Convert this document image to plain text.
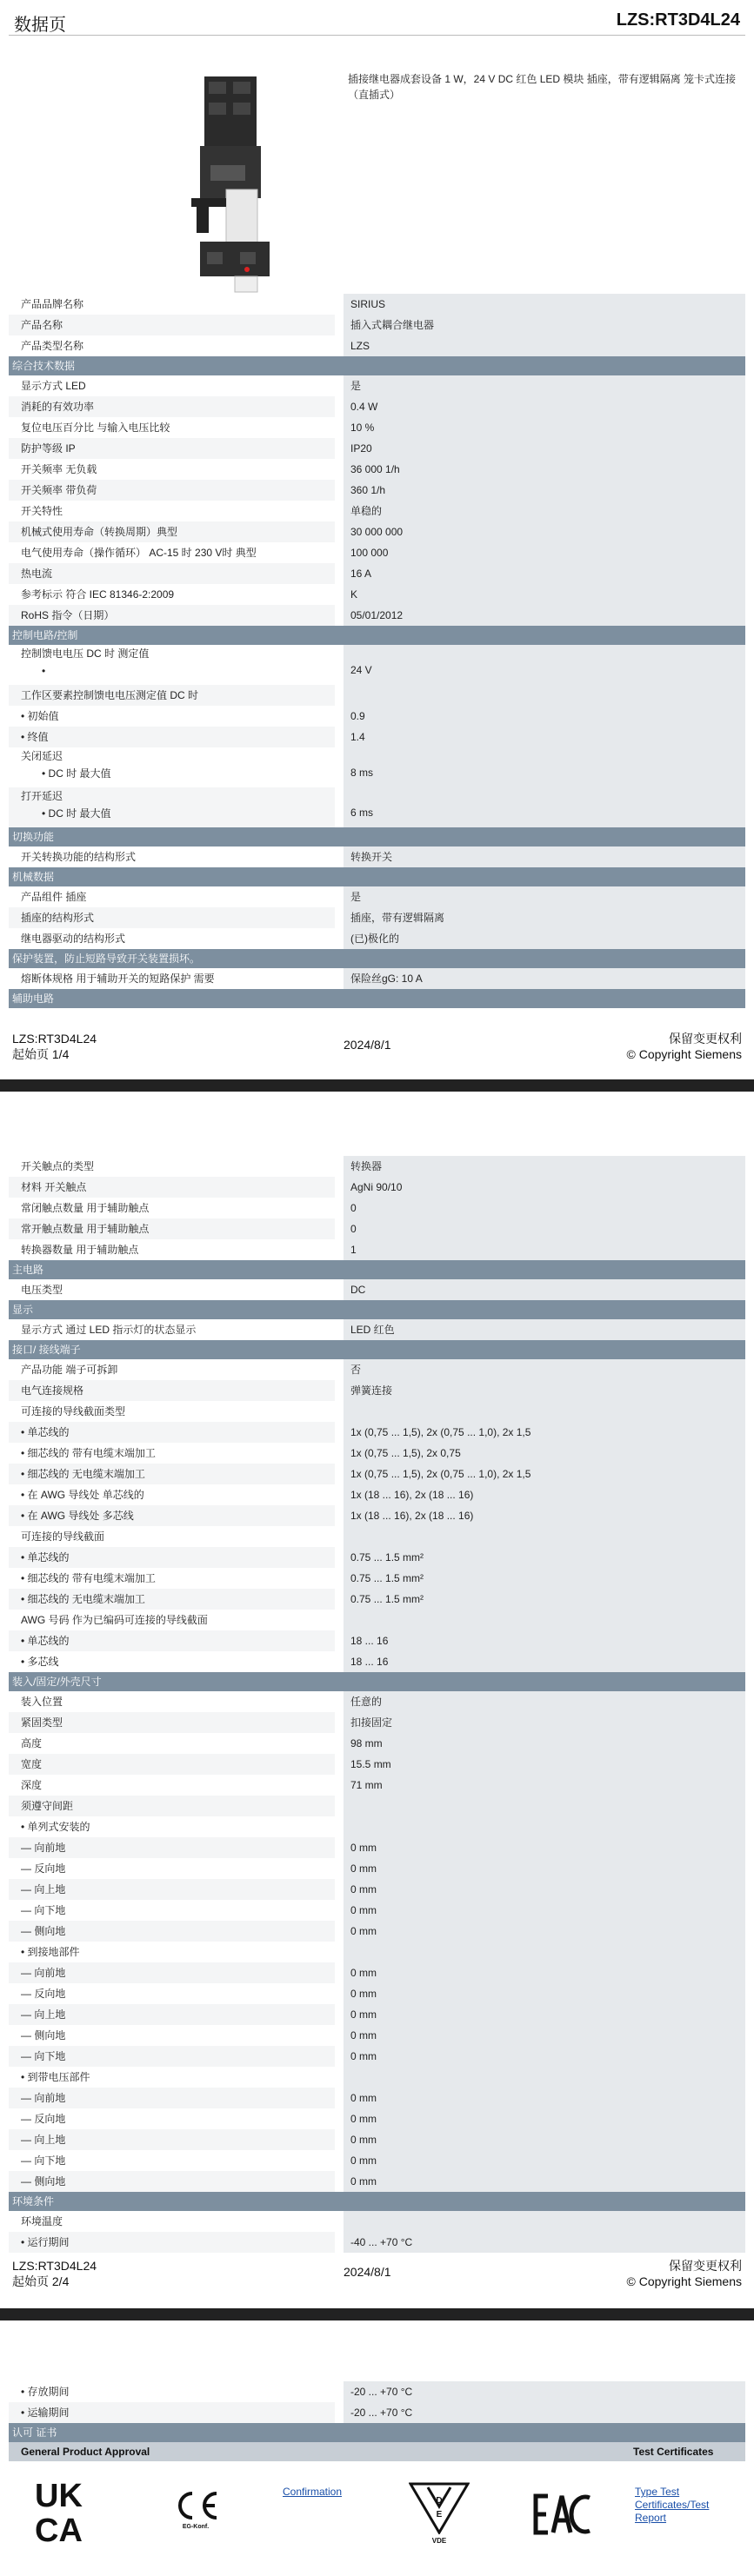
数据页	LZS:RT3D4L24
插接继电器成套设备 1 W，24 V DC 红色 LED 模块 插座，带有逻辑隔离 笼卡式连接（直插式）
产品品牌名称	SIRIUS
产品名称	插入式耦合继电器
产品类型名称	LZS
综合技术数据
显示方式 LED	是
消耗的有效功率	0.4 W
复位电压百分比 与输入电压比较	10 %
防护等级 IP	IP20
开关频率 无负载	36 000 1/h
开关频率 带负荷	360 1/h
开关特性	单稳的
机械式使用寿命（转换周期）典型	30 000 000
电气使用寿命（操作循环） AC-15 时 230 V时 典型	100 000
热电流	16 A
参考标示 符合 IEC 81346-2:2009	K
RoHS 指令（日期）	05/01/2012
控制电路/控制
控制馈电电压 DC 时 测定值
•	24 V
工作区要素控制馈电电压测定值 DC 时
• 初始值	0.9
• 终值	1.4
关闭延迟
• DC 时 最大值	8 ms
打开延迟
• DC 时 最大值	6 ms
切换功能
开关转换功能的结构形式	转换开关
机械数据
产品组件 插座	是
插座的结构形式	插座，带有逻辑隔离
继电器驱动的结构形式	(已)极化的
保护装置，防止短路导致开关装置损坏。
熔断体规格 用于辅助开关的短路保护 需要	保险丝gG: 10 A
辅助电路
LZS:RT3D4L24
起始页 1/4
2024/8/1	保留变更权利
© Copyright Siemens
开关触点的类型	转换器
材料 开关触点	AgNi 90/10
常闭触点数量 用于辅助触点	0
常开触点数量 用于辅助触点	0
转换器数量 用于辅助触点	1
主电路
电压类型	DC
显示
显示方式 通过 LED 指示灯的状态显示	LED 红色
接口/ 接线端子
产品功能 端子可拆卸	否
电气连接规格	弹簧连接
可连接的导线截面类型
• 单芯线的	1x (0,75 ... 1,5), 2x (0,75 ... 1,0), 2x 1,5
• 细芯线的 带有电缆末端加工	1x (0,75 ... 1,5), 2x 0,75
• 细芯线的 无电缆末端加工	1x (0,75 ... 1,5), 2x (0,75 ... 1,0), 2x 1,5
• 在 AWG 导线处 单芯线的	1x (18 ... 16), 2x (18 ... 16)
• 在 AWG 导线处 多芯线	1x (18 ... 16), 2x (18 ... 16)
可连接的导线截面
• 单芯线的	0.75 ... 1.5 mm²
• 细芯线的 带有电缆末端加工	0.75 ... 1.5 mm²
• 细芯线的 无电缆末端加工	0.75 ... 1.5 mm²
AWG 号码 作为已编码可连接的导线截面
• 单芯线的	18 ... 16
• 多芯线	18 ... 16
装入/固定/外壳尺寸
装入位置	任意的
紧固类型	扣接固定
高度	98 mm
宽度	15.5 mm
深度	71 mm
须遵守间距
• 单列式安装的
— 向前地	0 mm
— 反向地	0 mm
— 向上地	0 mm
— 向下地	0 mm
— 侧向地	0 mm
• 到接地部件
— 向前地	0 mm
— 反向地	0 mm
— 向上地	0 mm
— 侧向地	0 mm
— 向下地	0 mm
• 到带电压部件
— 向前地	0 mm
— 反向地	0 mm
— 向上地	0 mm
— 向下地	0 mm
— 侧向地	0 mm
环境条件
环境温度
• 运行期间	-40 ... +70 °C
LZS:RT3D4L24
起始页 2/4
2024/8/1	保留变更权利
© Copyright Siemens
• 存放期间	-20 ... +70 °C
• 运输期间	-20 ... +70 °C
认可 证书
General Product Approval	Test Certificates
UK
CA	EG-Konf.
Confirmation
D
E
VDE
Type Test Certificates/Test Report
